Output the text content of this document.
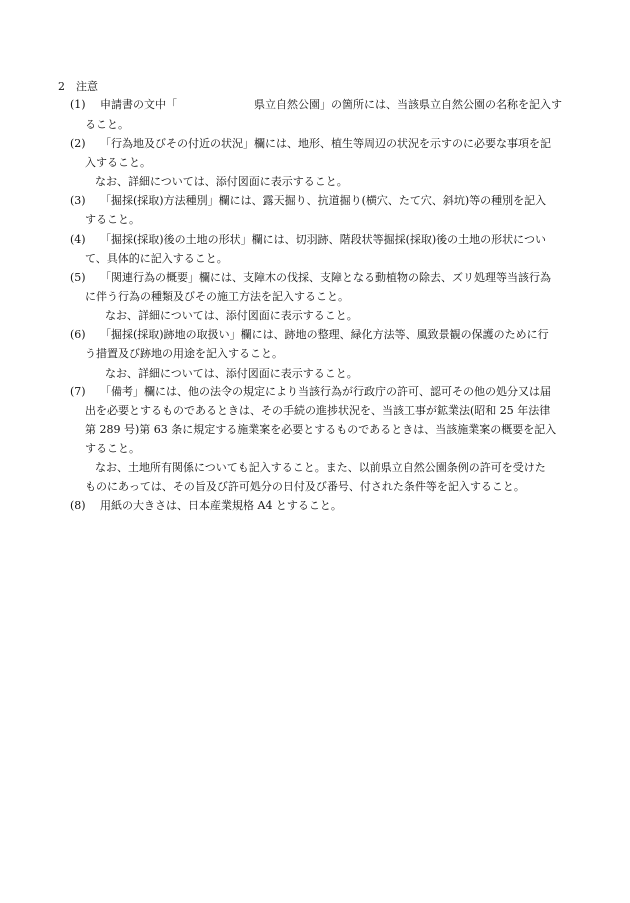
2 注意
(1) 申請書の文中「　　　　　　　県立自然公園」の箇所には、当該県立自然公園の名称を記入す
ること。
(2) 「行為地及びその付近の状況」欄には、地形、植生等周辺の状況を示すのに必要な事項を記
入すること。
なお、詳細については、添付図面に表示すること。
(3) 「掘採(採取)方法種別」欄には、露天掘り、抗道掘り(横穴、たて穴、斜坑)等の種別を記入
すること。
(4) 「掘採(採取)後の土地の形状」欄には、切羽跡、階段状等掘採(採取)後の土地の形状につい
て、具体的に記入すること。
(5) 「関連行為の概要」欄には、支障木の伐採、支障となる動植物の除去、ズリ処理等当該行為
に伴う行為の種類及びその施工方法を記入すること。
なお、詳細については、添付図面に表示すること。
(6) 「掘採(採取)跡地の取扱い」欄には、跡地の整理、緑化方法等、風致景観の保護のために行
う措置及び跡地の用途を記入すること。
なお、詳細については、添付図面に表示すること。
(7) 「備考」欄には、他の法令の規定により当該行為が行政庁の許可、認可その他の処分又は届
出を必要とするものであるときは、その手続の進捗状況を、当該工事が鉱業法(昭和 25 年法律
第 289 号)第 63 条に規定する施業案を必要とするものであるときは、当該施業案の概要を記入
すること。
なお、土地所有関係についても記入すること。また、以前県立自然公園条例の許可を受けた
ものにあっては、その旨及び許可処分の日付及び番号、付された条件等を記入すること。
(8) 用紙の大きさは、日本産業規格 A4 とすること。
